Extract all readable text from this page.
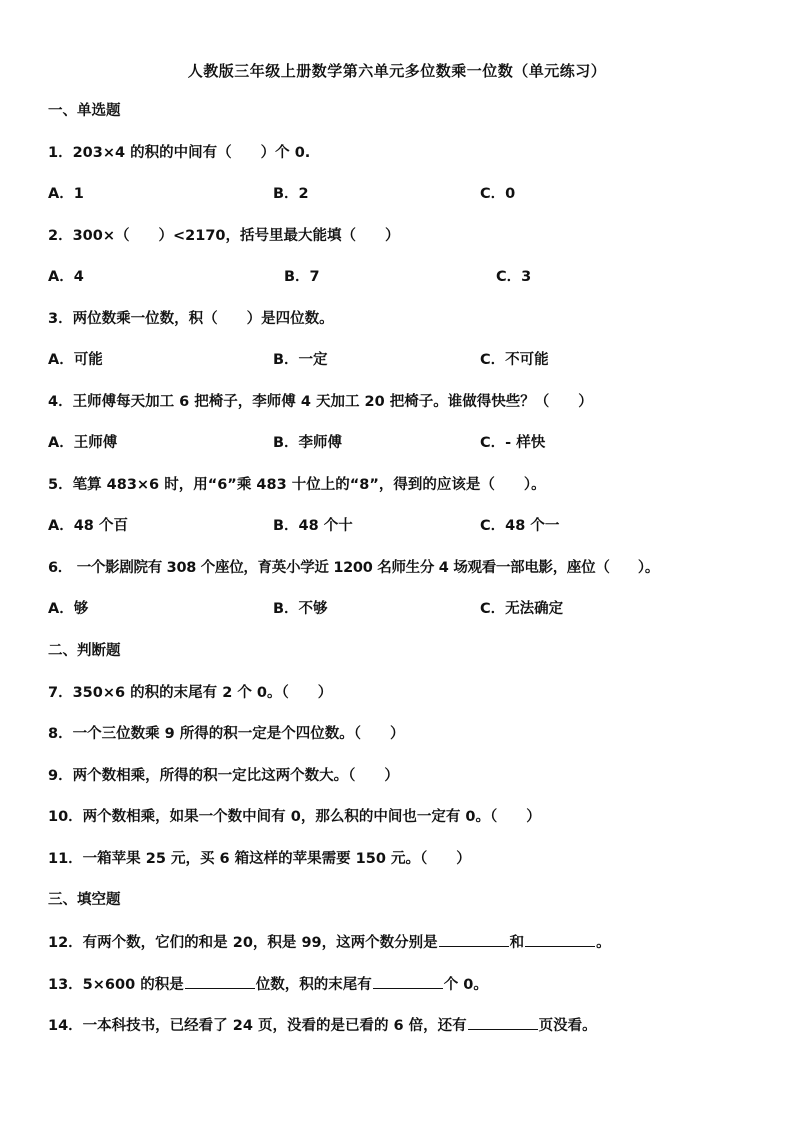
人教版三年级上册数学第六单元多位数乘一位数（单元练习）
一、单选题
1．203×4 的积的中间有（　　）个 0.
A．1	B．2	C．0
2．300×（　　）<2170，括号里最大能填（　　）
A．4	B．7	C．3
3．两位数乘一位数，积（　　）是四位数。
A．可能	B．一定	C．不可能
4．王师傅每天加工 6 把椅子，李师傅 4 天加工 20 把椅子。谁做得快些？（　　）
A．王师傅	B．李师傅	C．- 样快
5．笔算 483×6 时，用“6”乘 483 十位上的“8”，得到的应该是（　　）。
A．48 个百	B．48 个十	C．48 个一
6． 一个影剧院有 308 个座位，育英小学近 1200 名师生分 4 场观看一部电影，座位（　　）。
A．够	B．不够	C．无法确定
二、判断题
7．350×6 的积的末尾有 2 个 0。（　　）
8．一个三位数乘 9 所得的积一定是个四位数。（　　）
9．两个数相乘，所得的积一定比这两个数大。（　　）
10．两个数相乘，如果一个数中间有 0，那么积的中间也一定有 0。（　　）
11．一箱苹果 25 元，买 6 箱这样的苹果需要 150 元。（　　）
三、填空题
12．有两个数，它们的和是 20，积是 99，这两个数分别是	和	。
13．5×600 的积是	位数，积的末尾有	个 0。
14．一本科技书，已经看了 24 页，没看的是已看的 6 倍，还有	页没看。
